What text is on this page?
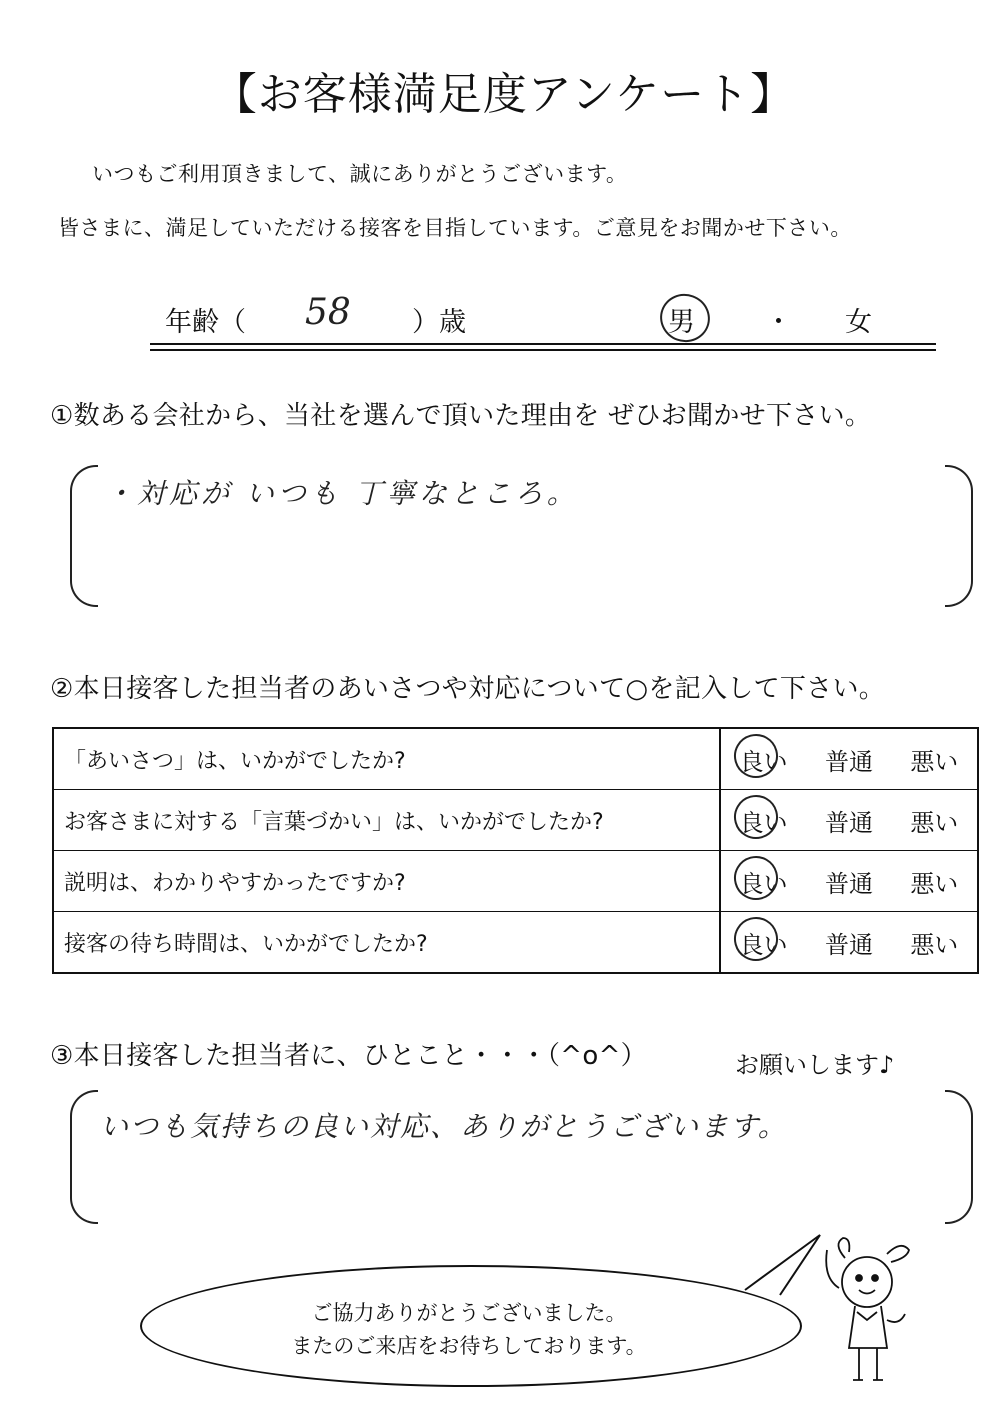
【お客様満足度アンケート】
いつもご利用頂きまして、誠にありがとうございます。
皆さまに、満足していただける接客を目指しています。ご意見をお聞かせ下さい。
年齢（ 58 ）歳	男	・ 女
①数ある会社から、当社を選んで頂いた理由を ぜひお聞かせ下さい。
・対応が いつも 丁寧なところ。
②本日接客した担当者のあいさつや対応について○を記入して下さい。
「あいさつ」は、いかがでしたか?	良い 普通 悪い

お客さまに対する「言葉づかい」は、いかがでしたか?	良い 普通 悪い

説明は、わかりやすかったですか?	良い 普通 悪い

接客の待ち時間は、いかがでしたか?	良い 普通 悪い
③本日接客した担当者に、ひとこと・・・（^o^）	お願いします♪
いつも気持ちの良い対応、ありがとうございます。
ご協力ありがとうございました。
またのご来店をお待ちしております。
